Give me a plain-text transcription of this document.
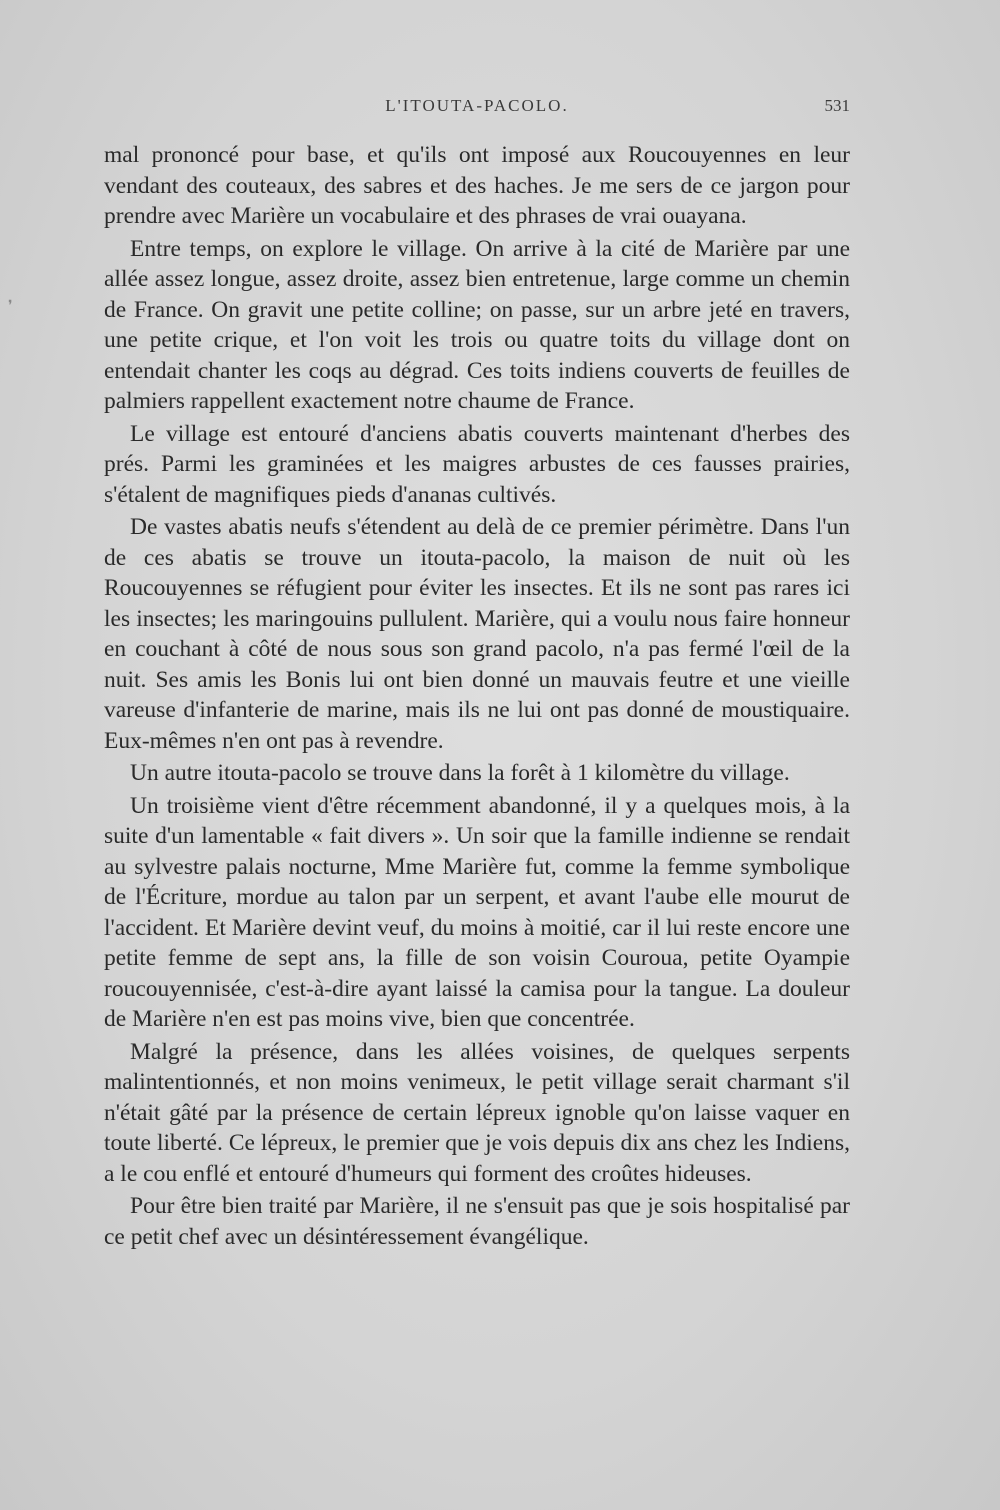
L'ITOUTA-PACOLO.	531

mal prononcé pour base, et qu'ils ont imposé aux Roucouyennes en leur vendant des couteaux, des sabres et des haches. Je me sers de ce jargon pour prendre avec Marière un vocabulaire et des phrases de vrai ouayana.

Entre temps, on explore le village. On arrive à la cité de Marière par une allée assez longue, assez droite, assez bien entretenue, large comme un chemin de France. On gravit une petite colline; on passe, sur un arbre jeté en travers, une petite crique, et l'on voit les trois ou quatre toits du village dont on entendait chanter les coqs au dégrad. Ces toits indiens couverts de feuilles de palmiers rappellent exactement notre chaume de France.

Le village est entouré d'anciens abatis couverts maintenant d'herbes des prés. Parmi les graminées et les maigres arbustes de ces fausses prairies, s'étalent de magnifiques pieds d'ananas cultivés.

De vastes abatis neufs s'étendent au delà de ce premier périmètre. Dans l'un de ces abatis se trouve un itouta-pacolo, la maison de nuit où les Roucouyennes se réfugient pour éviter les insectes. Et ils ne sont pas rares ici les insectes; les maringouins pullulent. Marière, qui a voulu nous faire honneur en couchant à côté de nous sous son grand pacolo, n'a pas fermé l'œil de la nuit. Ses amis les Bonis lui ont bien donné un mauvais feutre et une vieille vareuse d'infanterie de marine, mais ils ne lui ont pas donné de moustiquaire. Eux-mêmes n'en ont pas à revendre.

Un autre itouta-pacolo se trouve dans la forêt à 1 kilomètre du village.

Un troisième vient d'être récemment abandonné, il y a quelques mois, à la suite d'un lamentable « fait divers ». Un soir que la famille indienne se rendait au sylvestre palais nocturne, Mme Marière fut, comme la femme symbolique de l'Écriture, mordue au talon par un serpent, et avant l'aube elle mourut de l'accident. Et Marière devint veuf, du moins à moitié, car il lui reste encore une petite femme de sept ans, la fille de son voisin Couroua, petite Oyampie roucouyennisée, c'est-à-dire ayant laissé la camisa pour la tangue. La douleur de Marière n'en est pas moins vive, bien que concentrée.

Malgré la présence, dans les allées voisines, de quelques serpents malintentionnés, et non moins venimeux, le petit village serait charmant s'il n'était gâté par la présence de certain lépreux ignoble qu'on laisse vaquer en toute liberté. Ce lépreux, le premier que je vois depuis dix ans chez les Indiens, a le cou enflé et entouré d'humeurs qui forment des croûtes hideuses.

Pour être bien traité par Marière, il ne s'ensuit pas que je sois hospitalisé par ce petit chef avec un désintéressement évangélique.

❜
